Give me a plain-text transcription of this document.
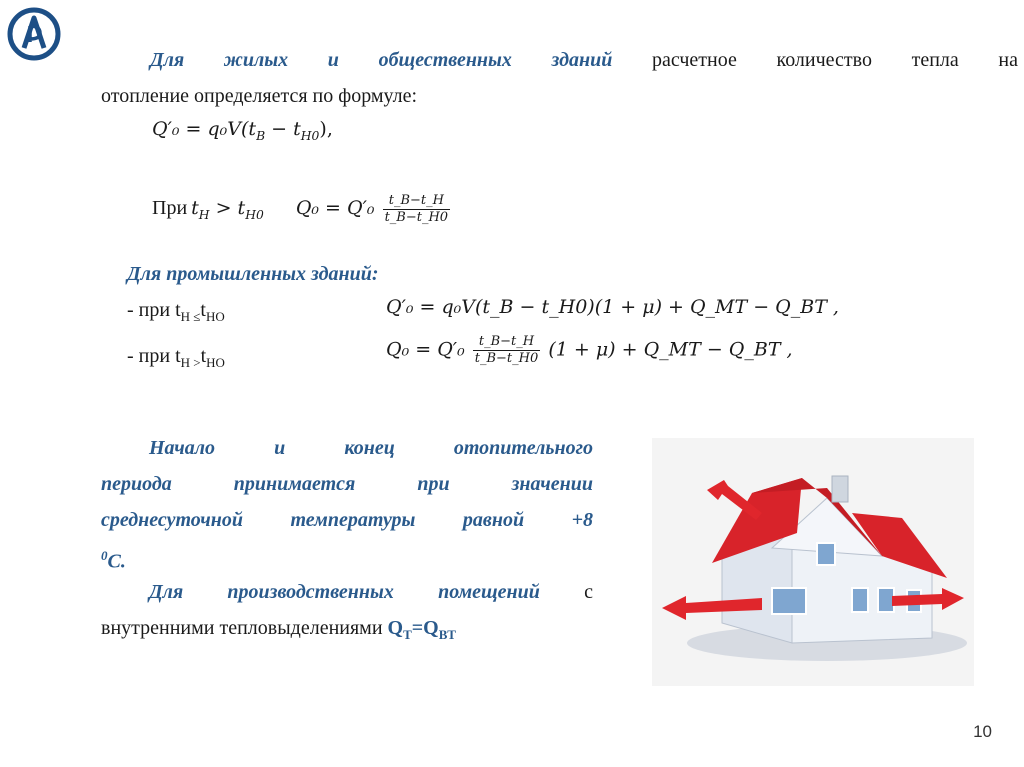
Для жилых и общественных зданий расчетное количество тепла на
отопление определяется по формуле:
$Q'_0 = q_0V(t_B - t_{H0})$,
При $t_H > t_{H0}$ $Q_0 = Q'_0 \frac{t\_B-t\_H}{t\_B-t\_H0}$
Для промышленных зданий:
- при $t_{Н \le}t_{НО}$	Q′₀ = q₀V(t_B − t_H0)(1 + μ) + Q_MT − Q_BT ,
- при $t_{Н >}t_{НО}$
$Q_0 = Q'_0 \frac{t\_B-t\_H}{t\_B-t\_H0} (1 + \mu)$ + Q_MT − Q_BT ,
Начало и конец отопительного
периода принимается при значении
среднесуточной температуры равной +8
$^0$С.
Для производственных помещений с
внутренними тепловыделениями $Q_Т=Q_{ВТ}$
10
